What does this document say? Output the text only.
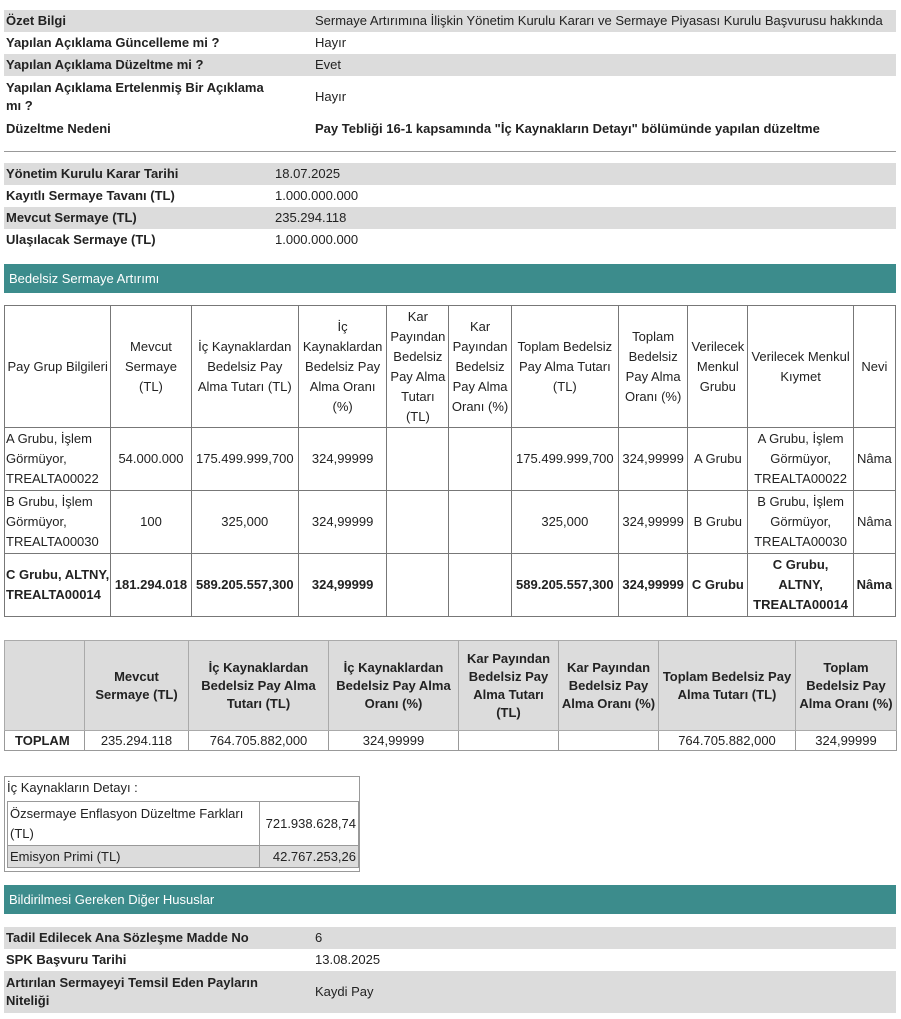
Özet Bilgi	Sermaye Artırımına İlişkin Yönetim Kurulu Kararı ve Sermaye Piyasası Kurulu Başvurusu hakkında
Yapılan Açıklama Güncelleme mi ?	Hayır
Yapılan Açıklama Düzeltme mi ?	Evet
Yapılan Açıklama Ertelenmiş Bir Açıklama mı ?	Hayır
Düzeltme Nedeni	Pay Tebliği 16-1 kapsamında "İç Kaynakların Detayı" bölümünde yapılan düzeltme
Yönetim Kurulu Karar Tarihi	18.07.2025
Kayıtlı Sermaye Tavanı (TL)	1.000.000.000
Mevcut Sermaye (TL)	235.294.118
Ulaşılacak Sermaye (TL)	1.000.000.000
Bedelsiz Sermaye Artırımı
Pay Grup Bilgileri	Mevcut Sermaye (TL)	İç Kaynaklardan Bedelsiz Pay Alma Tutarı (TL)	İç Kaynaklardan Bedelsiz Pay Alma Oranı (%)	Kar Payından Bedelsiz Pay Alma Tutarı (TL)	Kar Payından Bedelsiz Pay Alma Oranı (%)	Toplam Bedelsiz Pay Alma Tutarı (TL)	Toplam Bedelsiz Pay Alma Oranı (%)	Verilecek Menkul Grubu	Verilecek Menkul Kıymet	Nevi
A Grubu, İşlem Görmüyor, TREALTA00022	54.000.000	175.499.999,700	324,99999			175.499.999,700	324,99999	A Grubu	A Grubu, İşlem Görmüyor, TREALTA00022	Nâma
B Grubu, İşlem Görmüyor, TREALTA00030	100	325,000	324,99999			325,000	324,99999	B Grubu	B Grubu, İşlem Görmüyor, TREALTA00030	Nâma
C Grubu, ALTNY, TREALTA00014	181.294.018	589.205.557,300	324,99999			589.205.557,300	324,99999	C Grubu	C Grubu, ALTNY, TREALTA00014	Nâma
	Mevcut Sermaye (TL)	İç Kaynaklardan Bedelsiz Pay Alma Tutarı (TL)	İç Kaynaklardan Bedelsiz Pay Alma Oranı (%)	Kar Payından Bedelsiz Pay Alma Tutarı (TL)	Kar Payından Bedelsiz Pay Alma Oranı (%)	Toplam Bedelsiz Pay Alma Tutarı (TL)	Toplam Bedelsiz Pay Alma Oranı (%)
TOPLAM	235.294.118	764.705.882,000	324,99999			764.705.882,000	324,99999
İç Kaynakların Detayı :
Özsermaye Enflasyon Düzeltme Farkları (TL)	721.938.628,74
Emisyon Primi (TL)	42.767.253,26
Bildirilmesi Gereken Diğer Hususlar
Tadil Edilecek Ana Sözleşme Madde No	6
SPK Başvuru Tarihi	13.08.2025
Artırılan Sermayeyi Temsil Eden Payların Niteliği	Kaydi Pay
